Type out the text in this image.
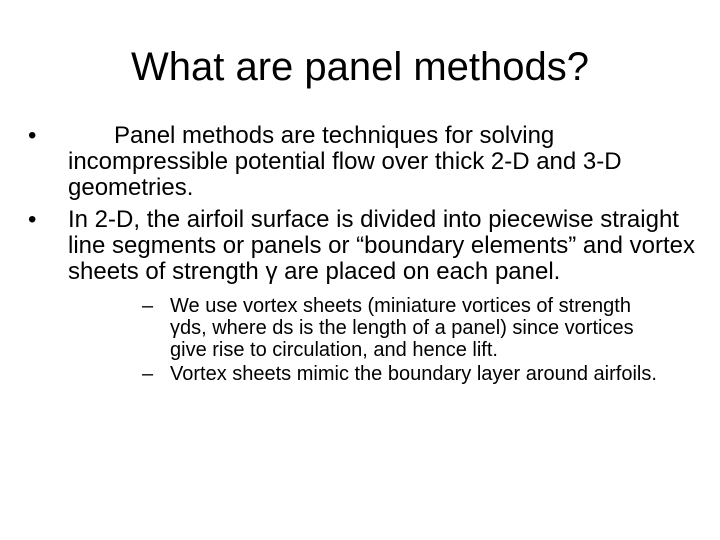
What are panel methods?
•	Panel methods are techniques for solving incompressible potential flow over thick 2-D and 3-D geometries.
• In 2-D, the airfoil surface is divided into piecewise straight line segments or panels or “boundary elements” and vortex sheets of strength γ are placed on each panel.
– We use vortex sheets (miniature vortices of strength γds, where ds is the length of a panel) since vortices give rise to circulation, and hence lift.
– Vortex sheets mimic the boundary layer around airfoils.
